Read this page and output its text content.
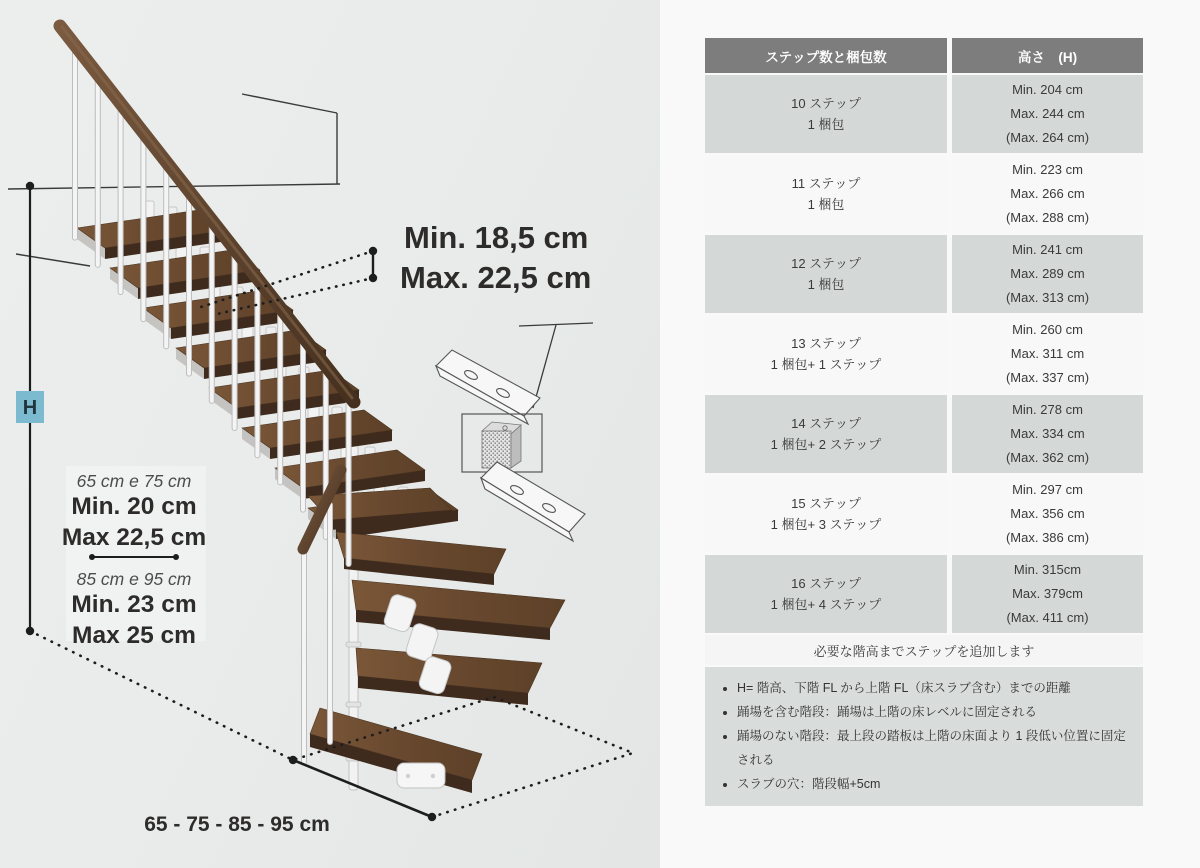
H
Min. 18,5 cm
Max. 22,5 cm
65 cm e 75 cm
Min. 20 cm
Max 22,5 cm
85 cm e 95 cm
Min. 23 cm
Max 25 cm
65 - 75 - 85 - 95 cm
ステップ数と梱包数	高さ　(H)
10 ステップ
1 梱包
Min. 204 cm
Max. 244 cm
(Max. 264 cm)
11 ステップ
1 梱包
Min. 223 cm
Max. 266 cm
(Max. 288 cm)
12 ステップ
1 梱包
Min. 241 cm
Max. 289 cm
(Max. 313 cm)
13 ステップ
1 梱包+ 1 ステップ
Min. 260 cm
Max. 311 cm
(Max. 337 cm)
14 ステップ
1 梱包+ 2 ステップ
Min. 278 cm
Max. 334 cm
(Max. 362 cm)
15 ステップ
1 梱包+ 3 ステップ
Min. 297 cm
Max. 356 cm
(Max. 386 cm)
16 ステップ
1 梱包+ 4 ステップ
Min. 315cm
Max. 379cm
(Max. 411 cm)
必要な階高までステップを追加します
• H= 階高、下階 FL から上階 FL（床スラブ含む）までの距離
• 踊場を含む階段：踊場は上階の床レベルに固定される
• 踊場のない階段：最上段の踏板は上階の床面より 1 段低い位置に固定される
• スラブの穴：階段幅+5cm
